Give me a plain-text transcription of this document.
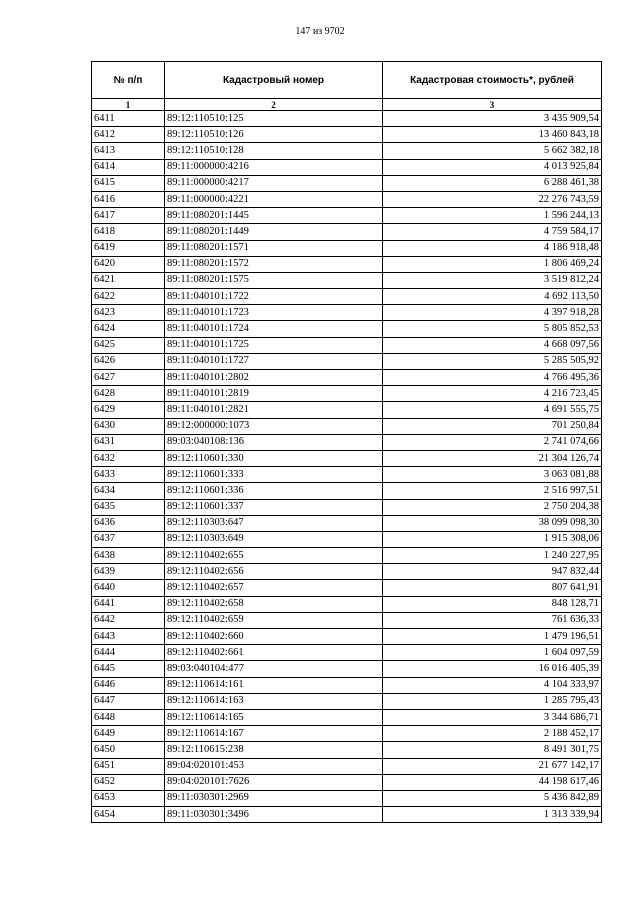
147 из 9702
№ п/п	Кадастровый номер	Кадастровая стоимость*, рублей
1	2	3
6411	89:12:110510:125	3 435 909,54
6412	89:12:110510:126	13 460 843,18
6413	89:12:110510:128	5 662 382,18
6414	89:11:000000:4216	4 013 925,84
6415	89:11:000000:4217	6 288 461,38
6416	89:11:000000:4221	22 276 743,59
6417	89:11:080201:1445	1 596 244,13
6418	89:11:080201:1449	4 759 584,17
6419	89:11:080201:1571	4 186 918,48
6420	89:11:080201:1572	1 806 469,24
6421	89:11:080201:1575	3 519 812,24
6422	89:11:040101:1722	4 692 113,50
6423	89:11:040101:1723	4 397 918,28
6424	89:11:040101:1724	5 805 852,53
6425	89:11:040101:1725	4 668 097,56
6426	89:11:040101:1727	5 285 505,92
6427	89:11:040101:2802	4 766 495,36
6428	89:11:040101:2819	4 216 723,45
6429	89:11:040101:2821	4 691 555,75
6430	89:12:000000:1073	701 250,84
6431	89:03:040108:136	2 741 074,66
6432	89:12:110601:330	21 304 126,74
6433	89:12:110601:333	3 063 081,88
6434	89:12:110601:336	2 516 997,51
6435	89:12:110601:337	2 750 204,38
6436	89:12:110303:647	38 099 098,30
6437	89:12:110303:649	1 915 308,06
6438	89:12:110402:655	1 240 227,95
6439	89:12:110402:656	947 832,44
6440	89:12:110402:657	807 641,91
6441	89:12:110402:658	848 128,71
6442	89:12:110402:659	761 636,33
6443	89:12:110402:660	1 479 196,51
6444	89:12:110402:661	1 604 097,59
6445	89:03:040104:477	16 016 405,39
6446	89:12:110614:161	4 104 333,97
6447	89:12:110614:163	1 285 795,43
6448	89:12:110614:165	3 344 686,71
6449	89:12:110614:167	2 188 452,17
6450	89:12:110615:238	8 491 301,75
6451	89:04:020101:453	21 677 142,17
6452	89:04:020101:7626	44 198 617,46
6453	89:11:030301:2969	5 436 842,89
6454	89:11:030301:3496	1 313 339,94
